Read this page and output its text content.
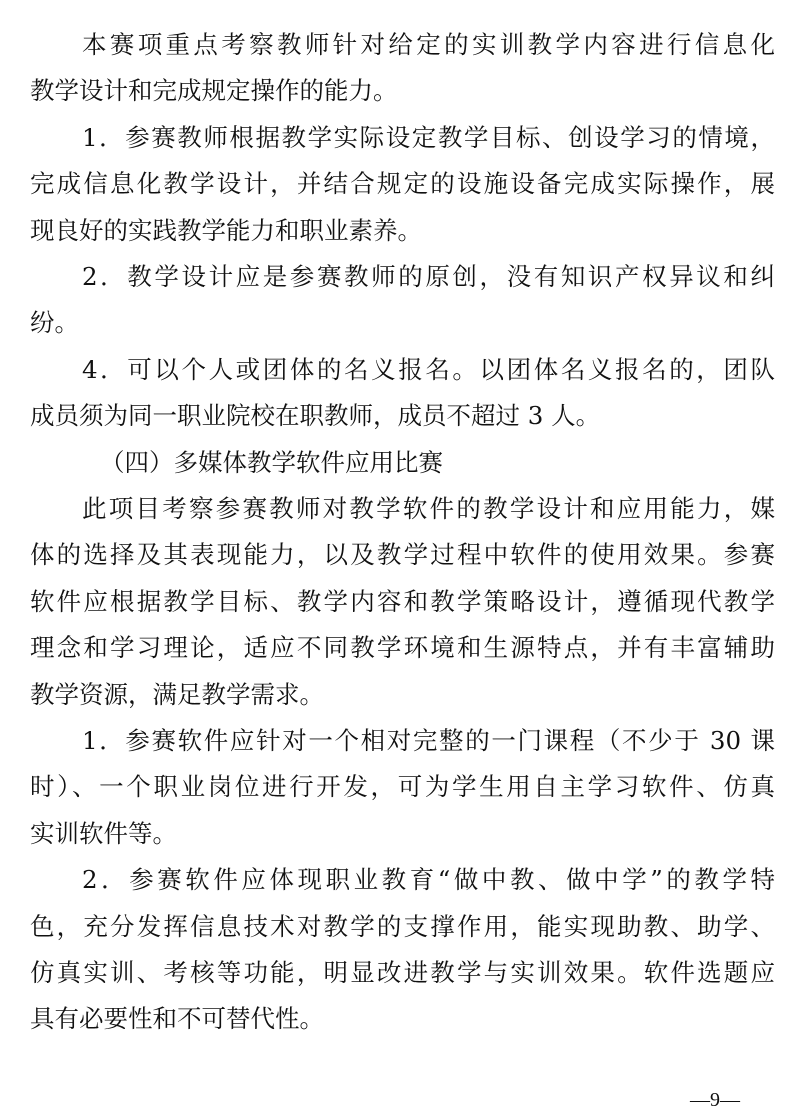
本赛项重点考察教师针对给定的实训教学内容进行信息化

教学设计和完成规定操作的能力。

1．参赛教师根据教学实际设定教学目标、创设学习的情境，

完成信息化教学设计，并结合规定的设施设备完成实际操作，展

现良好的实践教学能力和职业素养。

2．教学设计应是参赛教师的原创，没有知识产权异议和纠

纷。

4．可以个人或团体的名义报名。以团体名义报名的，团队

成员须为同一职业院校在职教师，成员不超过 3 人。

（四）多媒体教学软件应用比赛

此项目考察参赛教师对教学软件的教学设计和应用能力，媒

体的选择及其表现能力，以及教学过程中软件的使用效果。参赛

软件应根据教学目标、教学内容和教学策略设计，遵循现代教学

理念和学习理论，适应不同教学环境和生源特点，并有丰富辅助

教学资源，满足教学需求。

1．参赛软件应针对一个相对完整的一门课程（不少于 30 课

时）、一个职业岗位进行开发，可为学生用自主学习软件、仿真

实训软件等。

2．参赛软件应体现职业教育“做中教、做中学”的教学特

色，充分发挥信息技术对教学的支撑作用，能实现助教、助学、

仿真实训、考核等功能，明显改进教学与实训效果。软件选题应

具有必要性和不可替代性。

—9—
